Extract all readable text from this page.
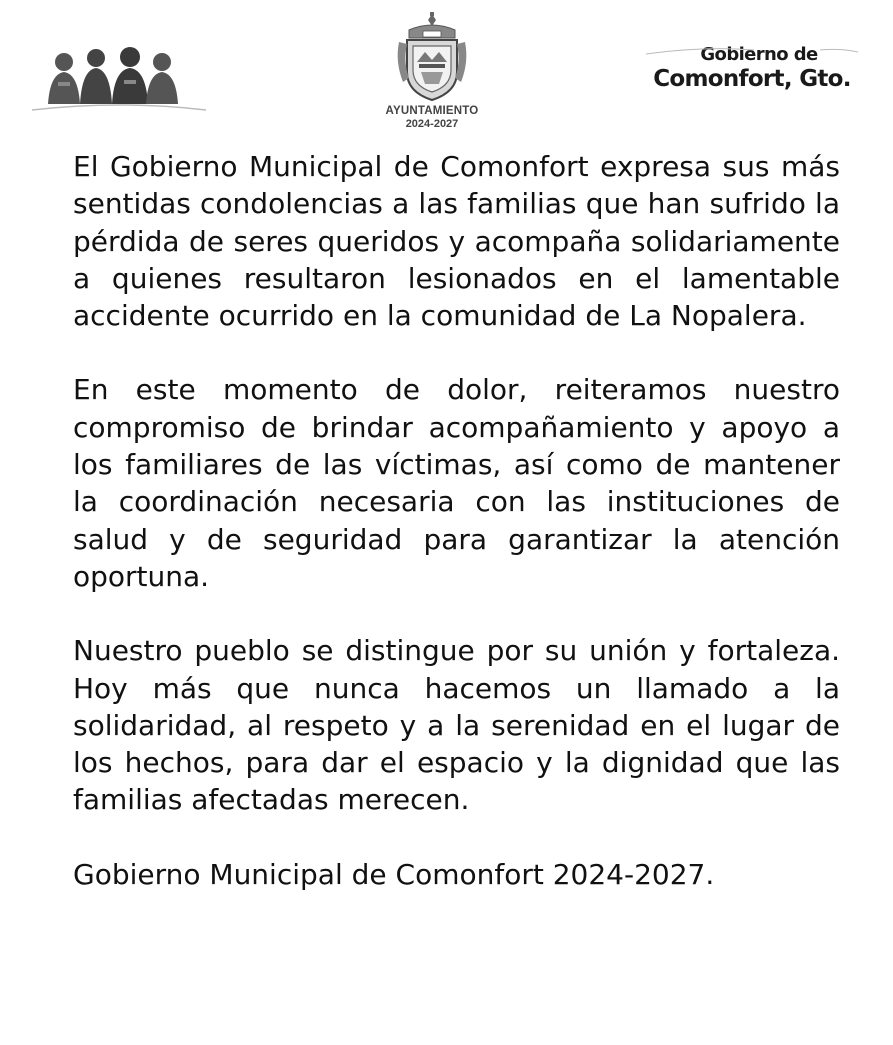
AYUNTAMIENTO
2024-2027
Gobierno de
Comonfort, Gto.

El Gobierno Municipal de Comonfort expresa sus más sentidas condolencias a las familias que han sufrido la pérdida de seres queridos y acompaña solidariamente a quienes resultaron lesionados en el lamentable accidente ocurrido en la comunidad de La Nopalera.

En este momento de dolor, reiteramos nuestro compromiso de brindar acompañamiento y apoyo a los familiares de las víctimas, así como de mantener la coordinación necesaria con las instituciones de salud y de seguridad para garantizar la atención oportuna.

Nuestro pueblo se distingue por su unión y fortaleza. Hoy más que nunca hacemos un llamado a la solidaridad, al respeto y a la serenidad en el lugar de los hechos, para dar el espacio y la dignidad que las familias afectadas merecen.

Gobierno Municipal de Comonfort 2024-2027.
